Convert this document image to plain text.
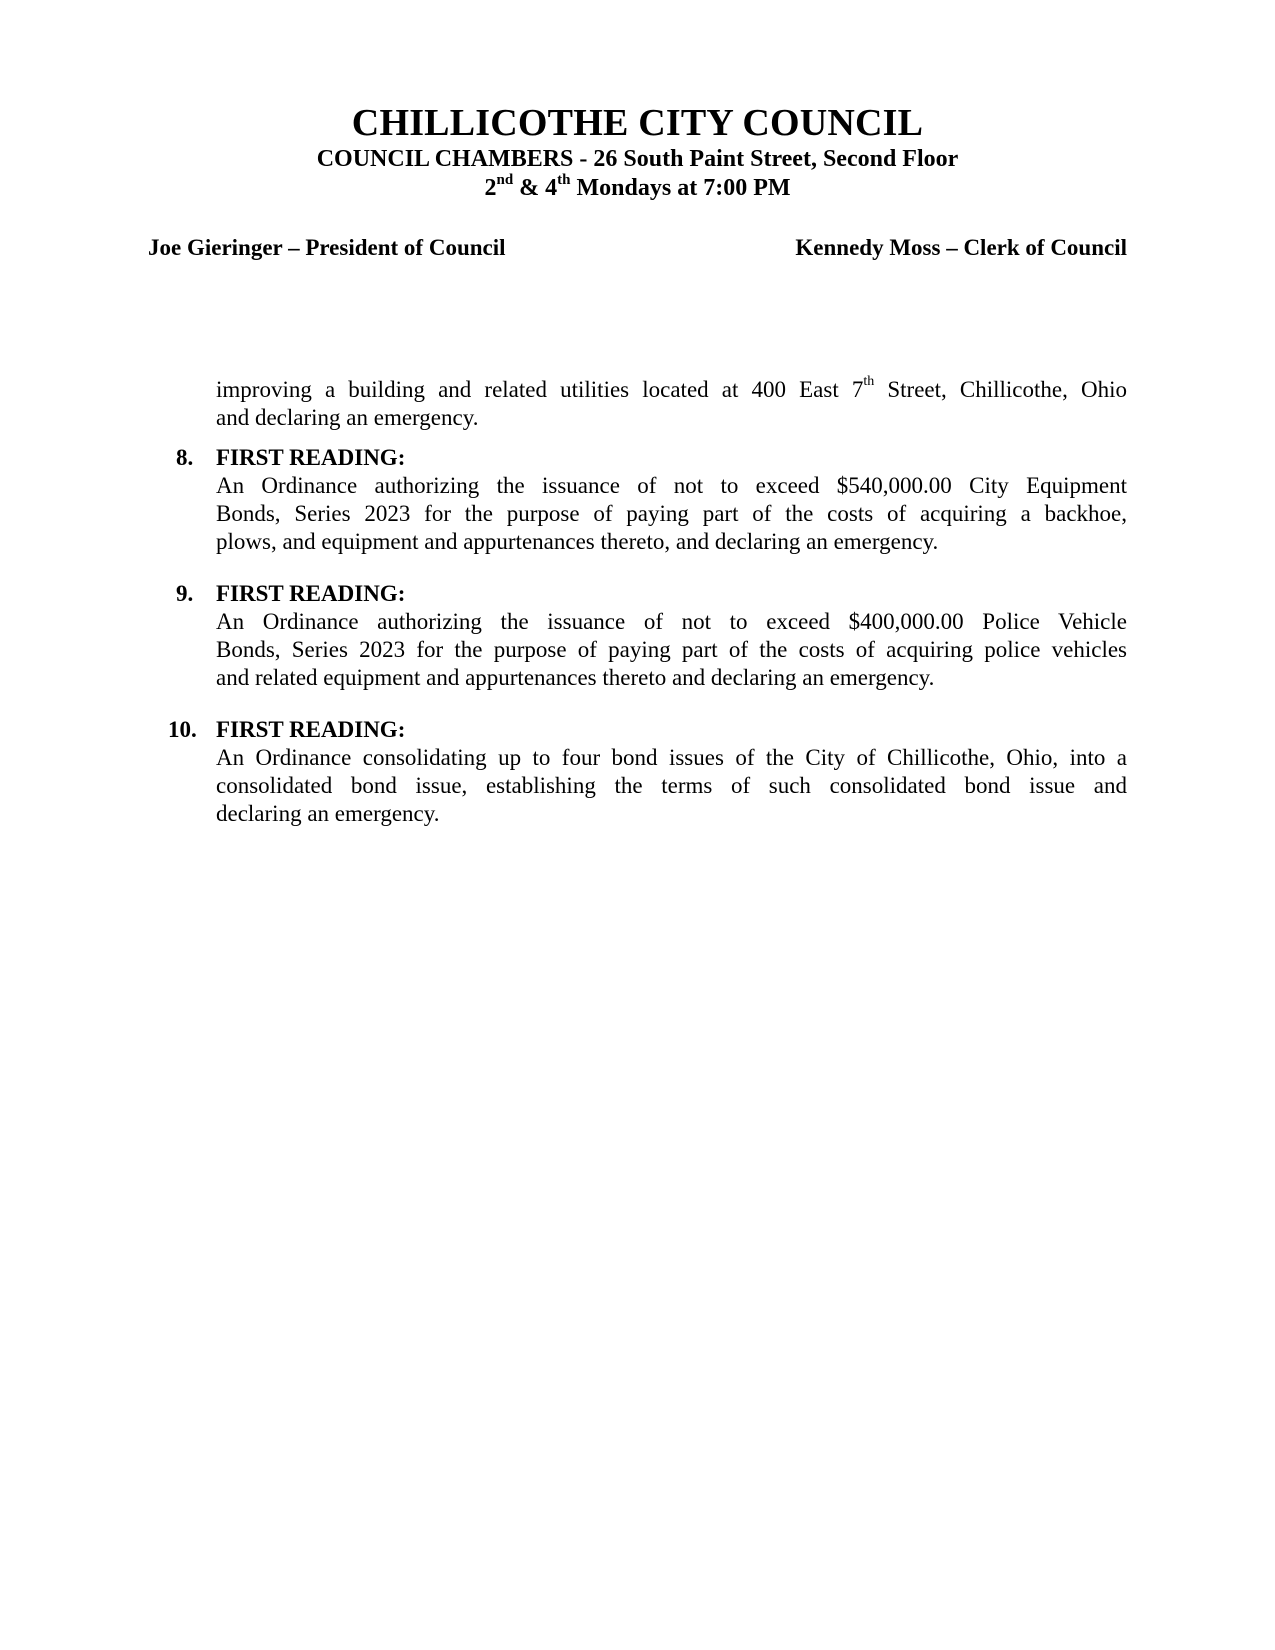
CHILLICOTHE CITY COUNCIL
COUNCIL CHAMBERS - 26 South Paint Street, Second Floor
2nd & 4th Mondays at 7:00 PM
Joe Gieringer – President of Council	Kennedy Moss – Clerk of Council
improving a building and related utilities located at 400 East 7th Street, Chillicothe, Ohio
and declaring an emergency.
8. FIRST READING:

An Ordinance authorizing the issuance of not to exceed $540,000.00 City Equipment
Bonds, Series 2023 for the purpose of paying part of the costs of acquiring a backhoe,
plows, and equipment and appurtenances thereto, and declaring an emergency.
9. FIRST READING:

An Ordinance authorizing the issuance of not to exceed $400,000.00 Police Vehicle
Bonds, Series 2023 for the purpose of paying part of the costs of acquiring police vehicles
and related equipment and appurtenances thereto and declaring an emergency.
10. FIRST READING:

An Ordinance consolidating up to four bond issues of the City of Chillicothe, Ohio, into a
consolidated bond issue, establishing the terms of such consolidated bond issue and
declaring an emergency.
